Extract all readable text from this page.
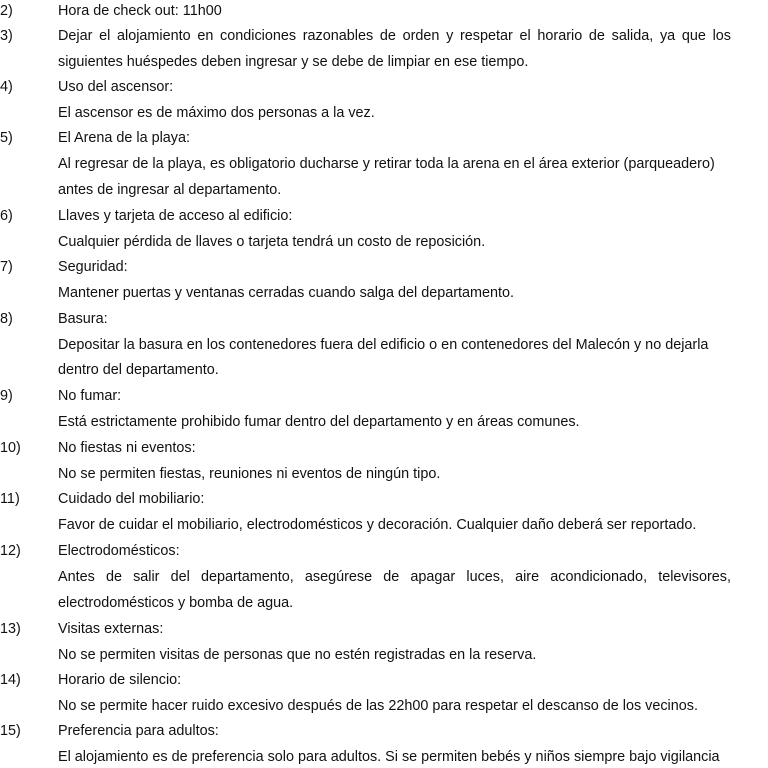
2)	Hora de check out: 11h00
3)	Dejar el alojamiento en condiciones razonables de orden y respetar el horario de salida, ya que los
siguientes huéspedes deben ingresar y se debe de limpiar en ese tiempo.
4)	Uso del ascensor:
El ascensor es de máximo dos personas a la vez.
5)	El Arena de la playa:
Al regresar de la playa, es obligatorio ducharse y retirar toda la arena en el área exterior (parqueadero)
antes de ingresar al departamento.
6)	Llaves y tarjeta de acceso al edificio:
Cualquier pérdida de llaves o tarjeta tendrá un costo de reposición.
7)	Seguridad:
Mantener puertas y ventanas cerradas cuando salga del departamento.
8)	Basura:
Depositar la basura en los contenedores fuera del edificio o en contenedores del Malecón y no dejarla
dentro del departamento.
9)	No fumar:
Está estrictamente prohibido fumar dentro del departamento y en áreas comunes.
10)	No fiestas ni eventos:
No se permiten fiestas, reuniones ni eventos de ningún tipo.
11)	Cuidado del mobiliario:
Favor de cuidar el mobiliario, electrodomésticos y decoración. Cualquier daño deberá ser reportado.
12)	Electrodomésticos:
Antes de salir del departamento, asegúrese de apagar luces, aire acondicionado, televisores,
electrodomésticos y bomba de agua.
13)	Visitas externas:
No se permiten visitas de personas que no estén registradas en la reserva.
14)	Horario de silencio:
No se permite hacer ruido excesivo después de las 22h00 para respetar el descanso de los vecinos.
15)	Preferencia para adultos:
El alojamiento es de preferencia solo para adultos. Si se permiten bebés y niños siempre bajo vigilancia
